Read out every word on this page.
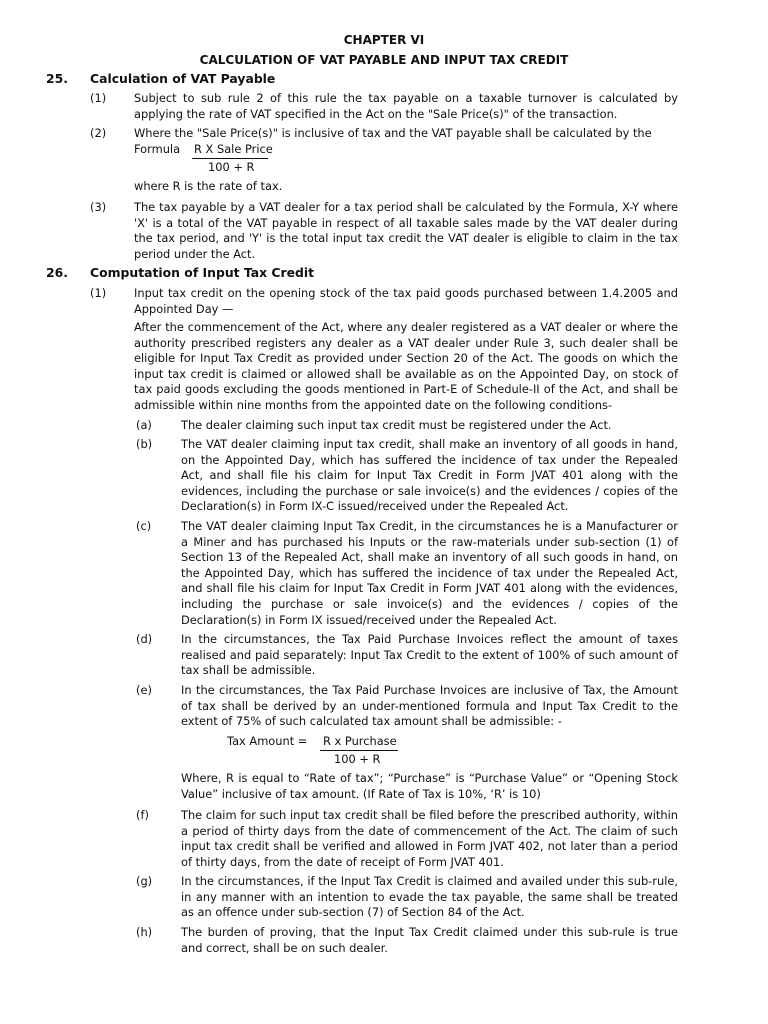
CHAPTER VI
CALCULATION OF VAT PAYABLE AND INPUT TAX CREDIT
25. Calculation of VAT Payable
(1) Subject to sub rule 2 of this rule the tax payable on a taxable turnover is calculated by applying the rate of VAT specified in the Act on the "Sale Price(s)" of the transaction.
(2) Where the "Sale Price(s)" is inclusive of tax and the VAT payable shall be calculated by the
Formula R X Sale Price
100 + R
where R is the rate of tax.
(3) The tax payable by a VAT dealer for a tax period shall be calculated by the Formula, X-Y where 'X' is a total of the VAT payable in respect of all taxable sales made by the VAT dealer during the tax period, and 'Y' is the total input tax credit the VAT dealer is eligible to claim in the tax period under the Act.
26. Computation of Input Tax Credit
(1) Input tax credit on the opening stock of the tax paid goods purchased between 1.4.2005 and Appointed Day —
After the commencement of the Act, where any dealer registered as a VAT dealer or where the authority prescribed registers any dealer as a VAT dealer under Rule 3, such dealer shall be eligible for Input Tax Credit as provided under Section 20 of the Act. The goods on which the input tax credit is claimed or allowed shall be available as on the Appointed Day, on stock of tax paid goods excluding the goods mentioned in Part-E of Schedule-II of the Act, and shall be admissible within nine months from the appointed date on the following conditions-
(a)	The dealer claiming such input tax credit must be registered under the Act.
(b)	The VAT dealer claiming input tax credit, shall make an inventory of all goods in hand, on the Appointed Day, which has suffered the incidence of tax under the Repealed Act, and shall file his claim for Input Tax Credit in Form JVAT 401 along with the evidences, including the purchase or sale invoice(s) and the evidences / copies of the Declaration(s) in Form IX-C issued/received under the Repealed Act.
(c)	The VAT dealer claiming Input Tax Credit, in the circumstances he is a Manufacturer or a Miner and has purchased his Inputs or the raw-materials under sub-section (1) of Section 13 of the Repealed Act, shall make an inventory of all such goods in hand, on the Appointed Day, which has suffered the incidence of tax under the Repealed Act, and shall file his claim for Input Tax Credit in Form JVAT 401 along with the evidences, including the purchase or sale invoice(s) and the evidences / copies of the Declaration(s) in Form IX issued/received under the Repealed Act.
(d)	In the circumstances, the Tax Paid Purchase Invoices reflect the amount of taxes realised and paid separately: Input Tax Credit to the extent of 100% of such amount of tax shall be admissible.
(e)	In the circumstances, the Tax Paid Purchase Invoices are inclusive of Tax, the Amount of tax shall be derived by an under-mentioned formula and Input Tax Credit to the extent of 75% of such calculated tax amount shall be admissible: -
Tax Amount = R x Purchase
100 + R
Where, R is equal to “Rate of tax”; “Purchase” is “Purchase Value” or “Opening Stock Value” inclusive of tax amount. (If Rate of Tax is 10%, ‘R’ is 10)
(f)	The claim for such input tax credit shall be filed before the prescribed authority, within a period of thirty days from the date of commencement of the Act. The claim of such input tax credit shall be verified and allowed in Form JVAT 402, not later than a period of thirty days, from the date of receipt of Form JVAT 401.
(g)	In the circumstances, if the Input Tax Credit is claimed and availed under this sub-rule, in any manner with an intention to evade the tax payable, the same shall be treated as an offence under sub-section (7) of Section 84 of the Act.
(h)	The burden of proving, that the Input Tax Credit claimed under this sub-rule is true and correct, shall be on such dealer.
